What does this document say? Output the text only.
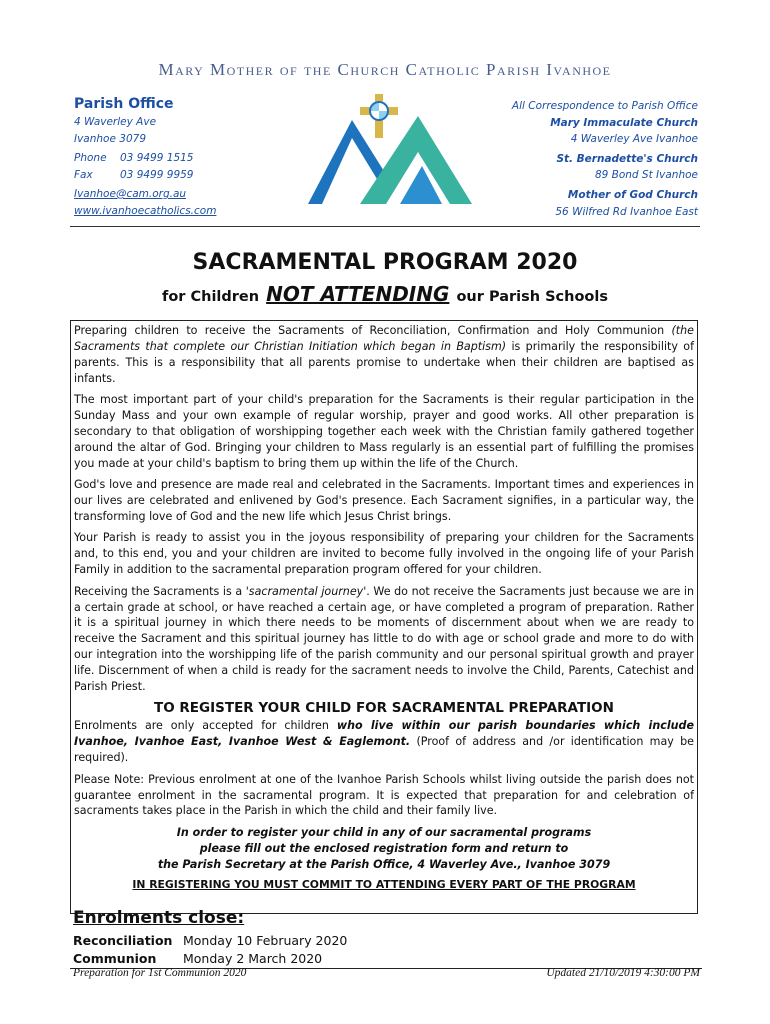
Mary Mother of the Church Catholic Parish Ivanhoe
Parish Office
4 Waverley Ave
Ivanhoe 3079
Phone 03 9499 1515
Fax	03 9499 9959
Ivanhoe@cam.org.au
www.ivanhoecatholics.com
All Correspondence to Parish Office
Mary Immaculate Church
4 Waverley Ave Ivanhoe
St. Bernadette's Church
89 Bond St Ivanhoe
Mother of God Church
56 Wilfred Rd Ivanhoe East
SACRAMENTAL PROGRAM 2020
for Children NOT ATTENDING our Parish Schools

Preparing children to receive the Sacraments of Reconciliation, Confirmation and Holy Communion (the Sacraments that complete our Christian Initiation which began in Baptism) is primarily the responsibility of parents. This is a responsibility that all parents promise to undertake when their children are baptised as infants.

The most important part of your child's preparation for the Sacraments is their regular participation in the Sunday Mass and your own example of regular worship, prayer and good works. All other preparation is secondary to that obligation of worshipping together each week with the Christian family gathered together around the altar of God. Bringing your children to Mass regularly is an essential part of fulfilling the promises you made at your child's baptism to bring them up within the life of the Church.

God's love and presence are made real and celebrated in the Sacraments. Important times and experiences in our lives are celebrated and enlivened by God's presence. Each Sacrament signifies, in a particular way, the transforming love of God and the new life which Jesus Christ brings.

Your Parish is ready to assist you in the joyous responsibility of preparing your children for the Sacraments and, to this end, you and your children are invited to become fully involved in the ongoing life of your Parish Family in addition to the sacramental preparation program offered for your children.

Receiving the Sacraments is a 'sacramental journey'. We do not receive the Sacraments just because we are in a certain grade at school, or have reached a certain age, or have completed a program of preparation. Rather it is a spiritual journey in which there needs to be moments of discernment about when we are ready to receive the Sacrament and this spiritual journey has little to do with age or school grade and more to do with our integration into the worshipping life of the parish community and our personal spiritual growth and prayer life. Discernment of when a child is ready for the sacrament needs to involve the Child, Parents, Catechist and Parish Priest.

TO REGISTER YOUR CHILD FOR SACRAMENTAL PREPARATION

Enrolments are only accepted for children who live within our parish boundaries which include Ivanhoe, Ivanhoe East, Ivanhoe West & Eaglemont. (Proof of address and /or identification may be required).

Please Note: Previous enrolment at one of the Ivanhoe Parish Schools whilst living outside the parish does not guarantee enrolment in the sacramental program. It is expected that preparation for and celebration of sacraments takes place in the Parish in which the child and their family live.

In order to register your child in any of our sacramental programs
please fill out the enclosed registration form and return to
the Parish Secretary at the Parish Office, 4 Waverley Ave., Ivanhoe 3079

IN REGISTERING YOU MUST COMMIT TO ATTENDING EVERY PART OF THE PROGRAM

Enrolments close:
Reconciliation Monday 10 February 2020
Communion Monday 2 March 2020
Preparation for 1st Communion 2020	Updated 21/10/2019 4:30:00 PM
